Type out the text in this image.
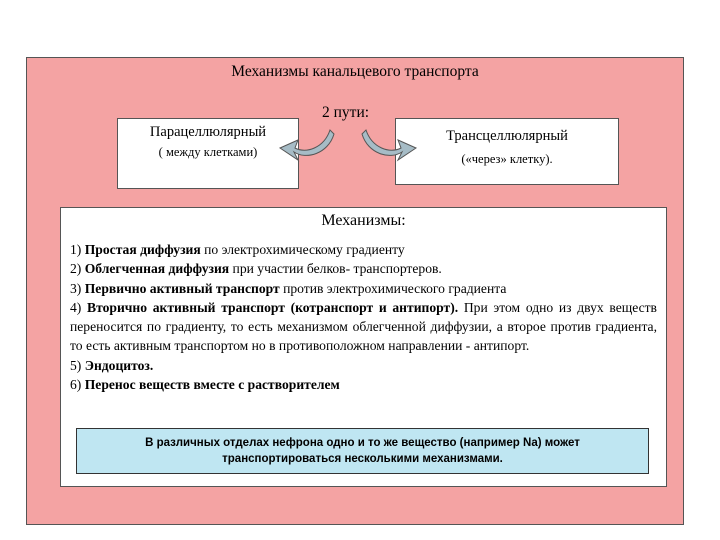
Механизмы канальцевого транспорта
2 пути:
Парацеллюлярный
( между клетками)
Трансцеллюлярный
(«через» клетку).
Механизмы:
1) Простая диффузия по электрохимическому градиенту
2) Облегченная диффузия при участии белков- транспортеров.
3) Первично активный транспорт против электрохимического градиента
4) Вторично активный транспорт (котранспорт и антипорт). При этом одно из двух веществ переносится по градиенту, то есть механизмом облегченной диффузии, а второе против градиента, то есть активным транспортом но в противоположном направлении - антипорт.
5) Эндоцитоз.
6) Перенос веществ вместе с растворителем
В различных отделах нефрона одно и то же вещество (например Na) может
транспортироваться несколькими механизмами.
